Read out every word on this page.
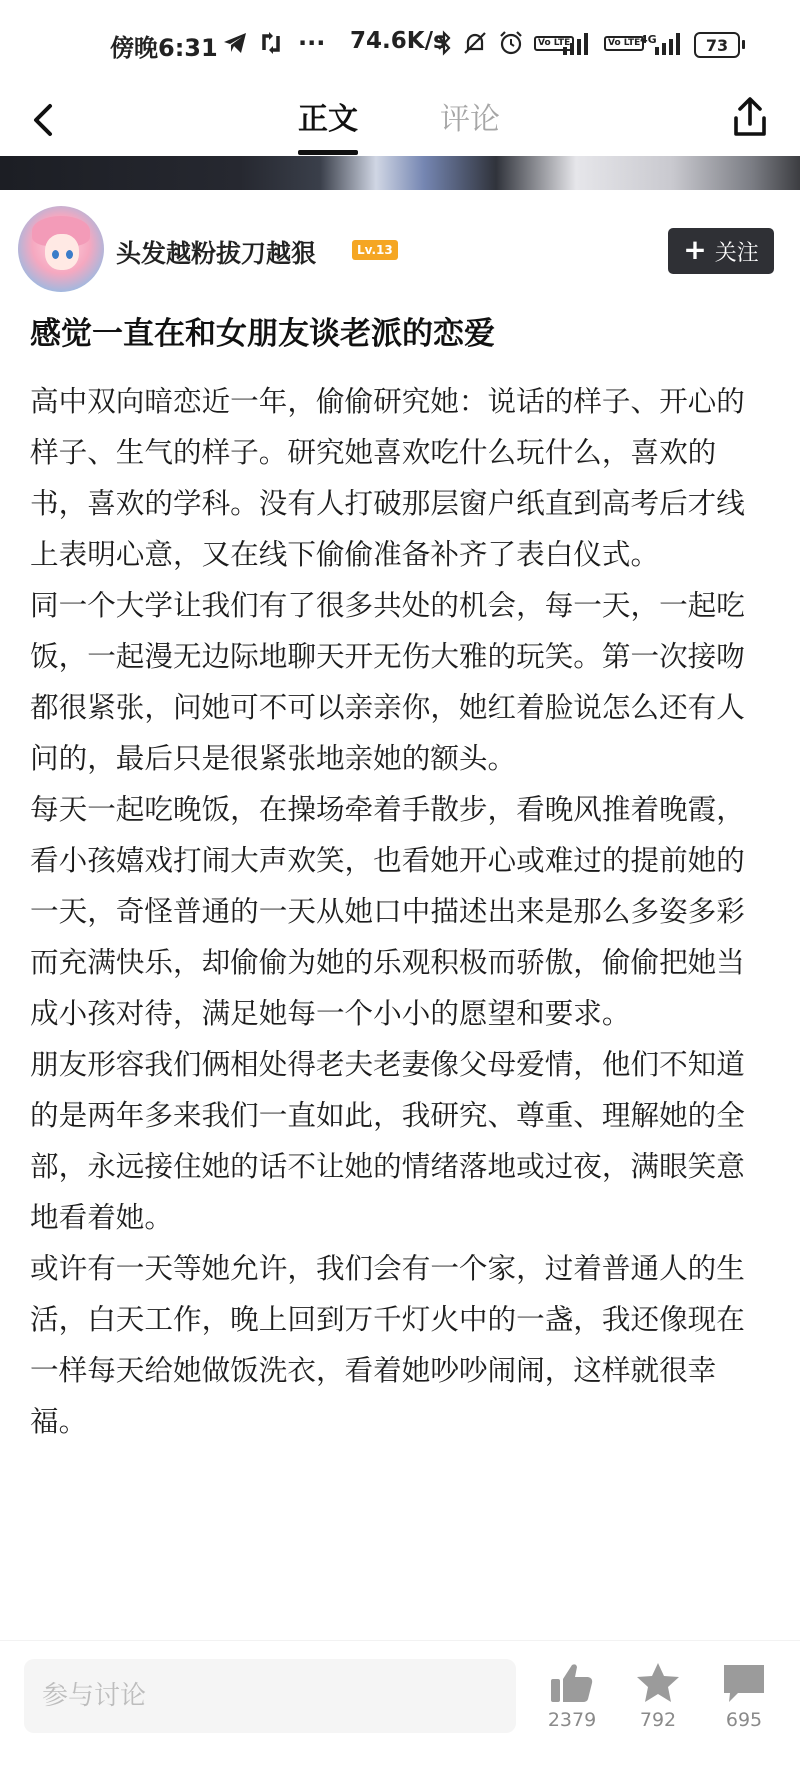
傍晚6:31	··· 74.6K/s	Vo LTE	Vo LTE 4G	73
正文	评论
头发越粉拔刀越狠	Lv.13	+ 关注
感觉一直在和女朋友谈老派的恋爱

高中双向暗恋近一年，偷偷研究她：说话的样子、开心的样子、生气的样子。研究她喜欢吃什么玩什么，喜欢的书，喜欢的学科。没有人打破那层窗户纸直到高考后才线上表明心意，又在线下偷偷准备补齐了表白仪式。

同一个大学让我们有了很多共处的机会，每一天，一起吃饭，一起漫无边际地聊天开无伤大雅的玩笑。第一次接吻都很紧张，问她可不可以亲亲你，她红着脸说怎么还有人问的，最后只是很紧张地亲她的额头。

每天一起吃晚饭，在操场牵着手散步，看晚风推着晚霞，看小孩嬉戏打闹大声欢笑，也看她开心或难过的提前她的一天，奇怪普通的一天从她口中描述出来是那么多姿多彩而充满快乐，却偷偷为她的乐观积极而骄傲，偷偷把她当成小孩对待，满足她每一个小小的愿望和要求。

朋友形容我们俩相处得老夫老妻像父母爱情，他们不知道的是两年多来我们一直如此，我研究、尊重、理解她的全部，永远接住她的话不让她的情绪落地或过夜，满眼笑意地看着她。

或许有一天等她允许，我们会有一个家，过着普通人的生活，白天工作，晚上回到万千灯火中的一盏，我还像现在一样每天给她做饭洗衣，看着她吵吵闹闹，这样就很幸福。

参与讨论
2379	792	695
